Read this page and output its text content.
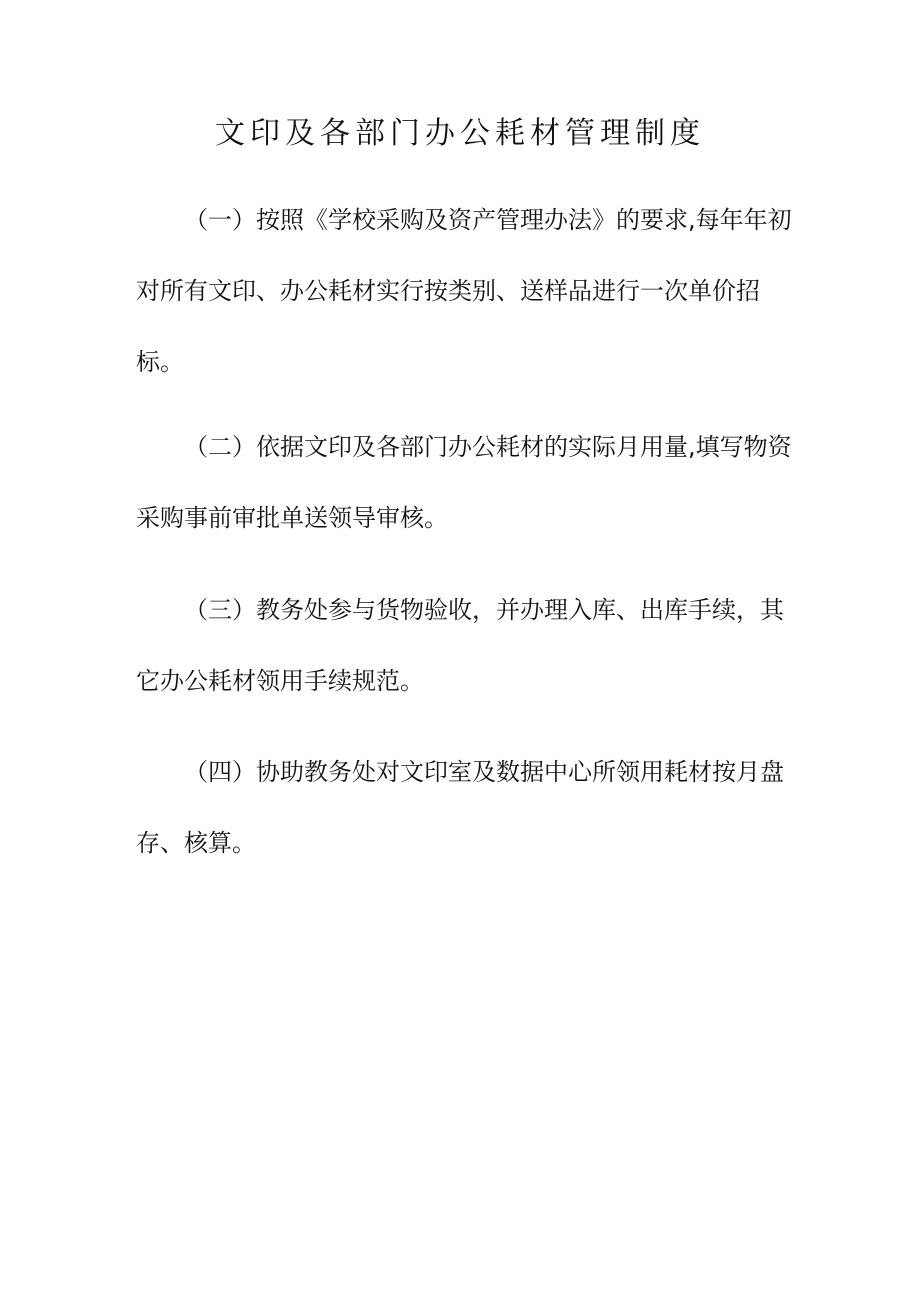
文印及各部门办公耗材管理制度

（一）按照《学校采购及资产管理办法》的要求,每年年初对所有文印、办公耗材实行按类别、送样品进行一次单价招标。

（二）依据文印及各部门办公耗材的实际月用量,填写物资采购事前审批单送领导审核。

（三）教务处参与货物验收，并办理入库、出库手续，其它办公耗材领用手续规范。

（四）协助教务处对文印室及数据中心所领用耗材按月盘存、核算。
